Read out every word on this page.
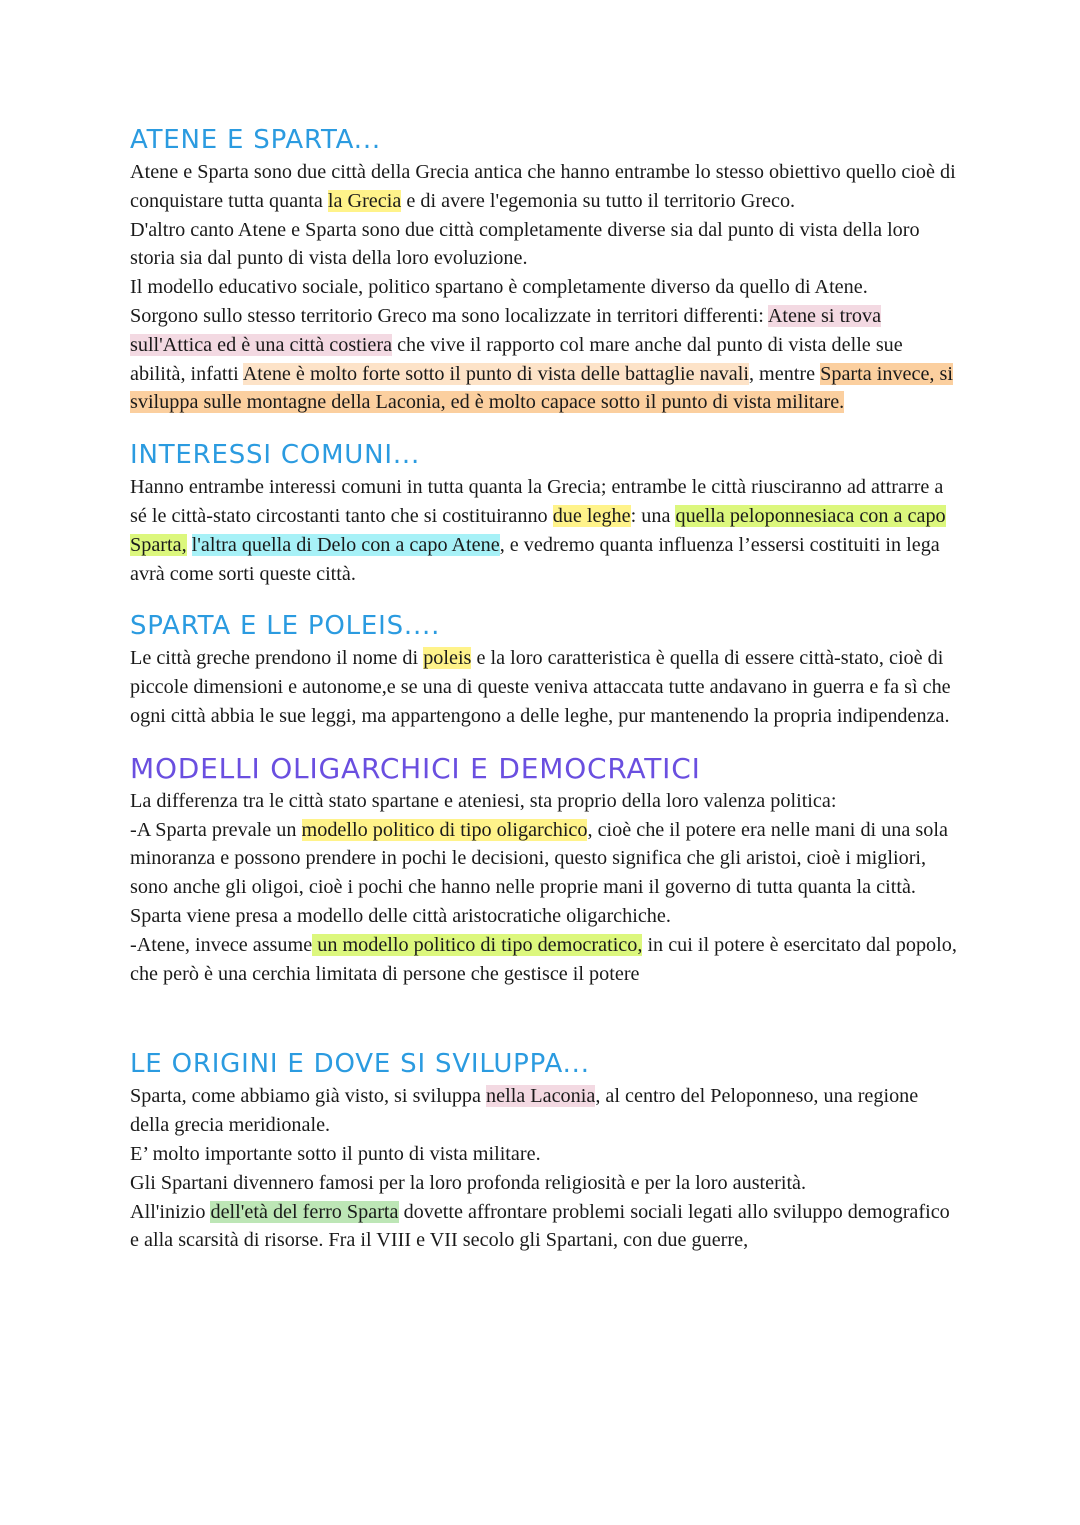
ATENE E SPARTA...

Atene e Sparta sono due città della Grecia antica che hanno entrambe lo stesso obiettivo quello cioè di conquistare tutta quanta la Grecia e di avere l'egemonia su tutto il territorio Greco.

D'altro canto Atene e Sparta sono due città completamente diverse sia dal punto di vista della loro storia sia dal punto di vista della loro evoluzione.

Il modello educativo sociale, politico spartano è completamente diverso da quello di Atene.

Sorgono sullo stesso territorio Greco ma sono localizzate in territori differenti: Atene si trova sull'Attica ed è una città costiera che vive il rapporto col mare anche dal punto di vista delle sue abilità, infatti Atene è molto forte sotto il punto di vista delle battaglie navali, mentre Sparta invece, si sviluppa sulle montagne della Laconia, ed è molto capace sotto il punto di vista militare.

INTERESSI COMUNI...

Hanno entrambe interessi comuni in tutta quanta la Grecia; entrambe le città riusciranno ad attrarre a sé le città-stato circostanti tanto che si costituiranno due leghe: una quella peloponnesiaca con a capo Sparta, l'altra quella di Delo con a capo Atene, e vedremo quanta influenza l’essersi costituiti in lega avrà come sorti queste città.

SPARTA E LE POLEIS....

Le città greche prendono il nome di poleis e la loro caratteristica è quella di essere città-stato, cioè di piccole dimensioni e autonome,e se una di queste veniva attaccata tutte andavano in guerra e fa sì che ogni città abbia le sue leggi, ma appartengono a delle leghe, pur mantenendo la propria indipendenza.

MODELLI OLIGARCHICI E DEMOCRATICI

La differenza tra le città stato spartane e ateniesi, sta proprio della loro valenza politica:

-A Sparta prevale un modello politico di tipo oligarchico, cioè che il potere era nelle mani di una sola minoranza e possono prendere in pochi le decisioni, questo significa che gli aristoi, cioè i migliori, sono anche gli oligoi, cioè i pochi che hanno nelle proprie mani il governo di tutta quanta la città.

Sparta viene presa a modello delle città aristocratiche oligarchiche.

-Atene, invece assume un modello politico di tipo democratico, in cui il potere è esercitato dal popolo, che però è una cerchia limitata di persone che gestisce il potere

LE ORIGINI E DOVE SI SVILUPPA...

Sparta, come abbiamo già visto, si sviluppa nella Laconia, al centro del Peloponneso, una regione della grecia meridionale.

E’ molto importante sotto il punto di vista militare.

Gli Spartani divennero famosi per la loro profonda religiosità e per la loro austerità.

All'inizio dell'età del ferro Sparta dovette affrontare problemi sociali legati allo sviluppo demografico e alla scarsità di risorse. Fra il VIII e VII secolo gli Spartani, con due guerre,
